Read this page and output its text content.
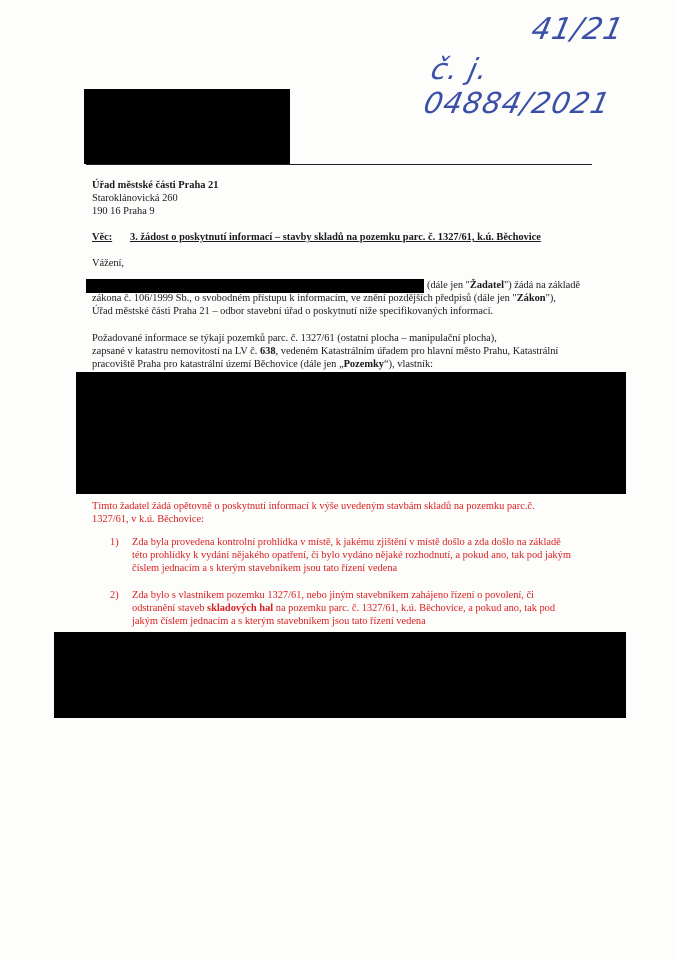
41/21
č. j. 04884/2021
Úřad městské části Praha 21
Staroklánovická 260
190 16 Praha 9
Věc: 3. žádost o poskytnutí informací – stavby skladů na pozemku parc. č. 1327/61, k.ú. Běchovice
Vážení,
(dále jen "Žadatel") žádá na základě
zákona č. 106/1999 Sb., o svobodném přístupu k informacím, ve znění pozdějších předpisů (dále jen "Zákon"),
Úřad městské části Praha 21 – odbor stavební úřad o poskytnutí níže specifikovaných informací.
Požadované informace se týkají pozemků parc. č. 1327/61 (ostatní plocha – manipulační plocha),
zapsané v katastru nemovitostí na LV č. 638, vedeném Katastrálním úřadem pro hlavní město Prahu, Katastrální
pracoviště Praha pro katastrální území Běchovice (dále jen „Pozemky“), vlastník:
Tímto žadatel žádá opětovně o poskytnutí informací k výše uvedeným stavbám skladů na pozemku parc.č.
1327/61, v k.ú. Běchovice:
1) Zda byla provedena kontrolní prohlídka v místě, k jakému zjištění v místě došlo a zda došlo na základě
této prohlídky k vydání nějakého opatření, či bylo vydáno nějaké rozhodnutí, a pokud ano, tak pod jakým
číslem jednacím a s kterým stavebníkem jsou tato řízení vedena
2) Zda bylo s vlastníkem pozemku 1327/61, nebo jiným stavebníkem zahájeno řízení o povolení, či
odstranění staveb skladových hal na pozemku parc. č. 1327/61, k.ú. Běchovice, a pokud ano, tak pod
jakým číslem jednacím a s kterým stavebníkem jsou tato řízení vedena
